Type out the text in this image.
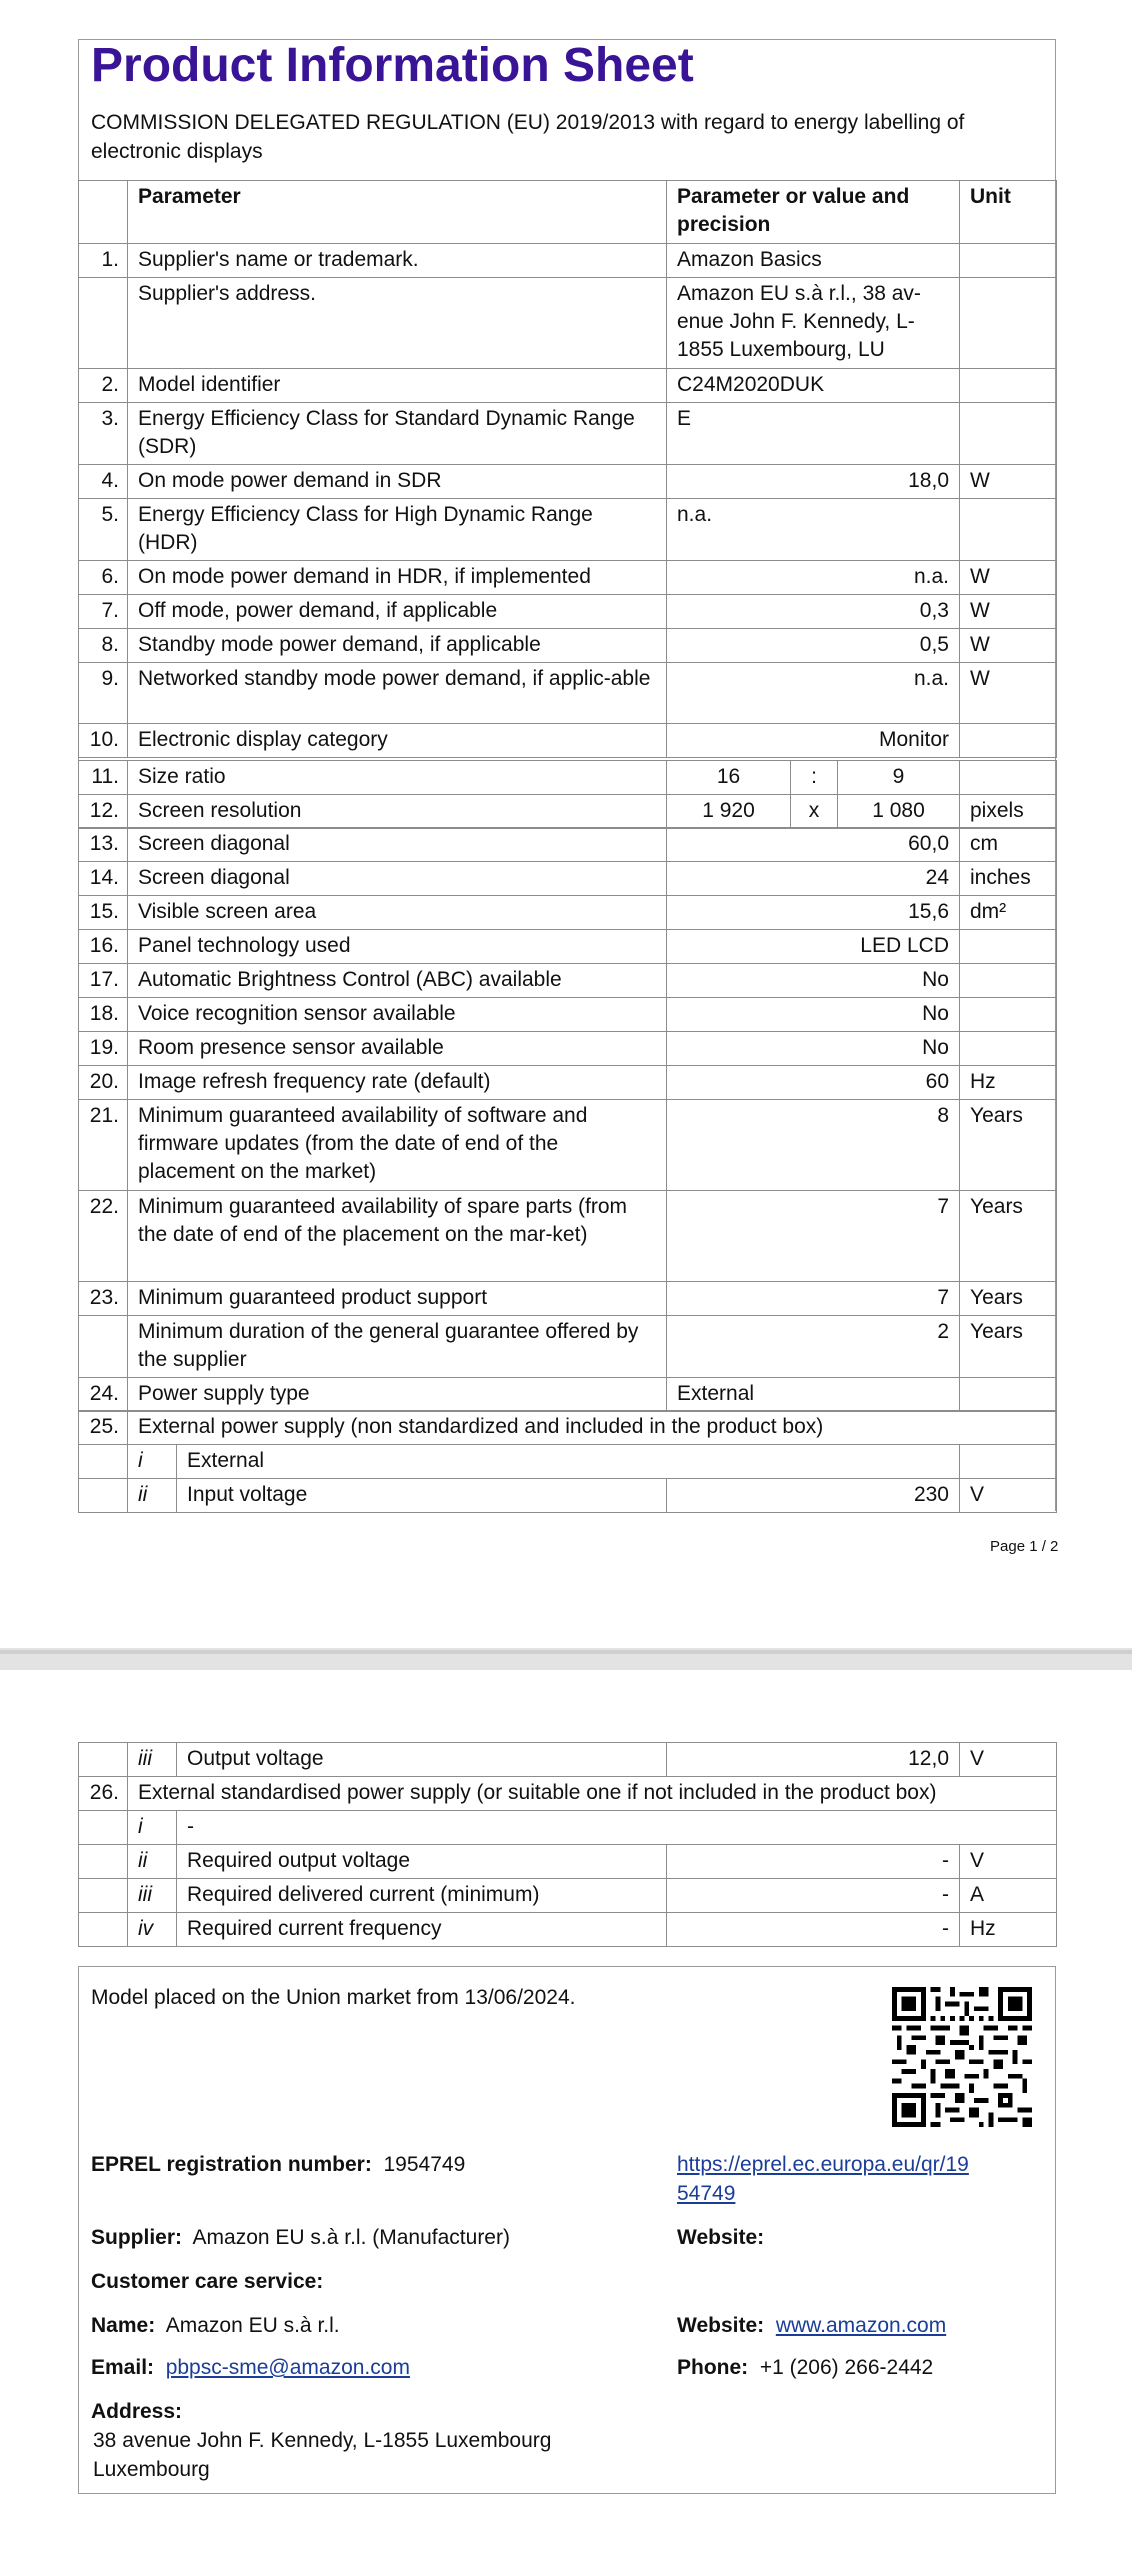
Product Information Sheet
COMMISSION DELEGATED REGULATION (EU) 2019/2013 with regard to energy labelling of electronic displays
	Parameter	Parameter or value and precision	Unit
1.	Supplier's name or trademark.	Amazon Basics	
	Supplier's address.	Amazon EU s.à r.l., 38 av-enue John F. Kennedy, L-1855 Luxembourg, LU	
2.	Model identifier	C24M2020DUK	
3.	Energy Efficiency Class for Standard Dynamic Range (SDR)	E	
4.	On mode power demand in SDR	18,0	W
5.	Energy Efficiency Class for High Dynamic Range (HDR)	n.a.	
6.	On mode power demand in HDR, if implemented	n.a.	W
7.	Off mode, power demand, if applicable	0,3	W
8.	Standby mode power demand, if applicable	0,5	W
9.	Networked standby mode power demand, if applic-able	n.a.	W
10.	Electronic display category	Monitor	
11.	Size ratio	16	:	9	
12.	Screen resolution	1 920	x	1 080	pixels
13.	Screen diagonal	60,0	cm
14.	Screen diagonal	24	inches
15.	Visible screen area	15,6	dm²
16.	Panel technology used	LED LCD	
17.	Automatic Brightness Control (ABC) available	No	
18.	Voice recognition sensor available	No	
19.	Room presence sensor available	No	
20.	Image refresh frequency rate (default)	60	Hz
21.	Minimum guaranteed availability of software and firmware updates (from the date of end of the placement on the market)	8	Years
22.	Minimum guaranteed availability of spare parts (from the date of end of the placement on the mar-ket)	7	Years
23.	Minimum guaranteed product support	7	Years
	Minimum duration of the general guarantee offered by the supplier	2	Years
24.	Power supply type	External	
25.	External power supply (non standardized and included in the product box)			
	i	External		
	ii	Input voltage	230	V
Page 1 / 2
	iii	Output voltage	12,0	V
26.	External standardised power supply (or suitable one if not included in the product box)			
	i	-		
	ii	Required output voltage	-	V
	iii	Required delivered current (minimum)	-	A
	iv	Required current frequency	-	Hz
Model placed on the Union market from 13/06/2024.
EPREL registration number: 1954749	https://eprel.ec.europa.eu/qr/19
54749
Supplier: Amazon EU s.à r.l. (Manufacturer)	Website:
Customer care service:
Name: Amazon EU s.à r.l.	Website: www.amazon.com
Email: pbpsc-sme@amazon.com	Phone: +1 (206) 266-2442
Address:
38 avenue John F. Kennedy, L-1855 Luxembourg
Luxembourg
